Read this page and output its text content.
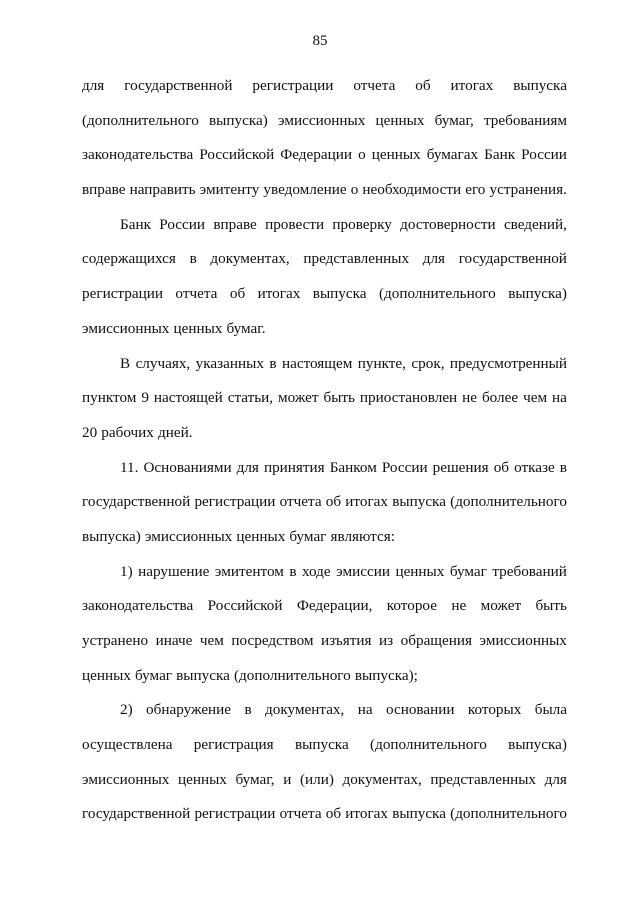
85
для государственной регистрации отчета об итогах выпуска
(дополнительного выпуска) эмиссионных ценных бумаг, требованиям
законодательства Российской Федерации о ценных бумагах Банк России
вправе направить эмитенту уведомление о необходимости его устранения.
Банк России вправе провести проверку достоверности сведений,
содержащихся в документах, представленных для государственной
регистрации отчета об итогах выпуска (дополнительного выпуска)
эмиссионных ценных бумаг.
В случаях, указанных в настоящем пункте, срок, предусмотренный
пунктом 9 настоящей статьи, может быть приостановлен не более чем на
20 рабочих дней.
11. Основаниями для принятия Банком России решения об отказе в
государственной регистрации отчета об итогах выпуска (дополнительного
выпуска) эмиссионных ценных бумаг являются:
1) нарушение эмитентом в ходе эмиссии ценных бумаг требований
законодательства Российской Федерации, которое не может быть
устранено иначе чем посредством изъятия из обращения эмиссионных
ценных бумаг выпуска (дополнительного выпуска);
2) обнаружение в документах, на основании которых была
осуществлена регистрация выпуска (дополнительного выпуска)
эмиссионных ценных бумаг, и (или) документах, представленных для
государственной регистрации отчета об итогах выпуска (дополнительного
